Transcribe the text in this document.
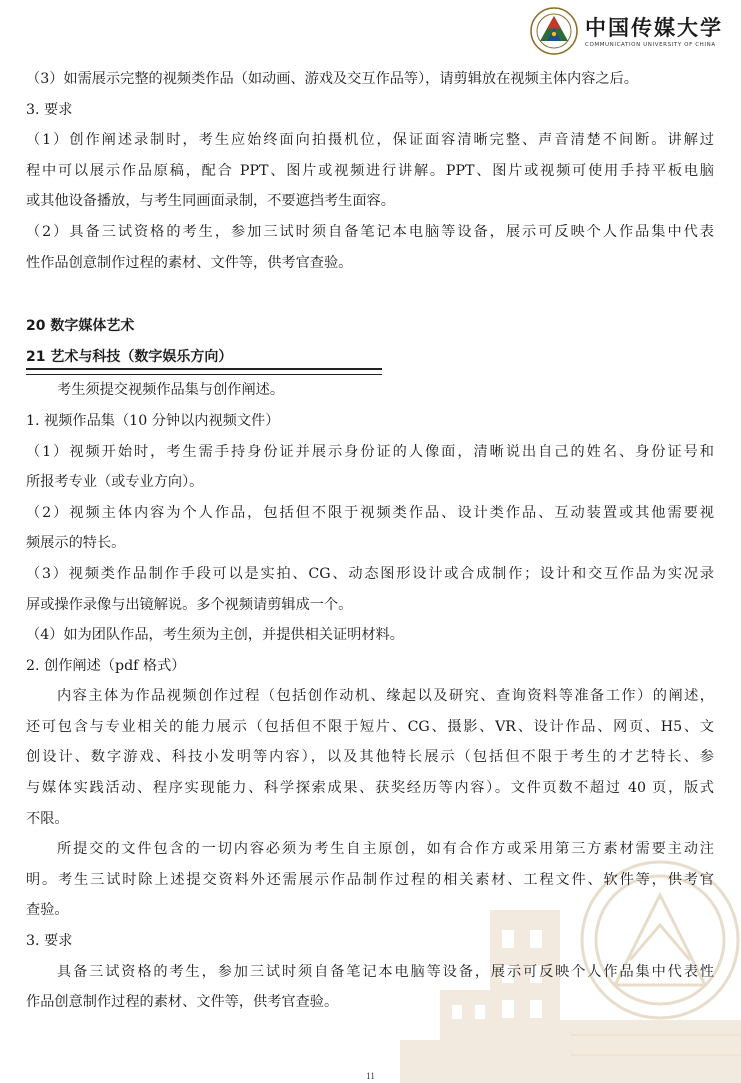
中国传媒大学
COMMUNICATION UNIVERSITY OF CHINA
（3）如需展示完整的视频类作品（如动画、游戏及交互作品等），请剪辑放在视频主体内容之后。
3. 要求
（1）创作阐述录制时，考生应始终面向拍摄机位，保证面容清晰完整、声音清楚不间断。讲解过
程中可以展示作品原稿，配合 PPT、图片或视频进行讲解。PPT、图片或视频可使用手持平板电脑
或其他设备播放，与考生同画面录制，不要遮挡考生面容。
（2）具备三试资格的考生，参加三试时须自备笔记本电脑等设备，展示可反映个人作品集中代表
性作品创意制作过程的素材、文件等，供考官查验。
20 数字媒体艺术
21 艺术与科技（数字娱乐方向）
考生须提交视频作品集与创作阐述。
1. 视频作品集（10 分钟以内视频文件）
（1）视频开始时，考生需手持身份证并展示身份证的人像面，清晰说出自己的姓名、身份证号和
所报考专业（或专业方向）。
（2）视频主体内容为个人作品，包括但不限于视频类作品、设计类作品、互动装置或其他需要视
频展示的特长。
（3）视频类作品制作手段可以是实拍、CG、动态图形设计或合成制作；设计和交互作品为实况录
屏或操作录像与出镜解说。多个视频请剪辑成一个。
（4）如为团队作品，考生须为主创，并提供相关证明材料。
2. 创作阐述（pdf 格式）
内容主体为作品视频创作过程（包括创作动机、缘起以及研究、查询资料等准备工作）的阐述，
还可包含与专业相关的能力展示（包括但不限于短片、CG、摄影、VR、设计作品、网页、H5、文
创设计、数字游戏、科技小发明等内容），以及其他特长展示（包括但不限于考生的才艺特长、参
与媒体实践活动、程序实现能力、科学探索成果、获奖经历等内容）。文件页数不超过 40 页，版式
不限。
所提交的文件包含的一切内容必须为考生自主原创，如有合作方或采用第三方素材需要主动注
明。考生三试时除上述提交资料外还需展示作品制作过程的相关素材、工程文件、软件等，供考官
查验。
3. 要求
具备三试资格的考生，参加三试时须自备笔记本电脑等设备，展示可反映个人作品集中代表性
作品创意制作过程的素材、文件等，供考官查验。
11
